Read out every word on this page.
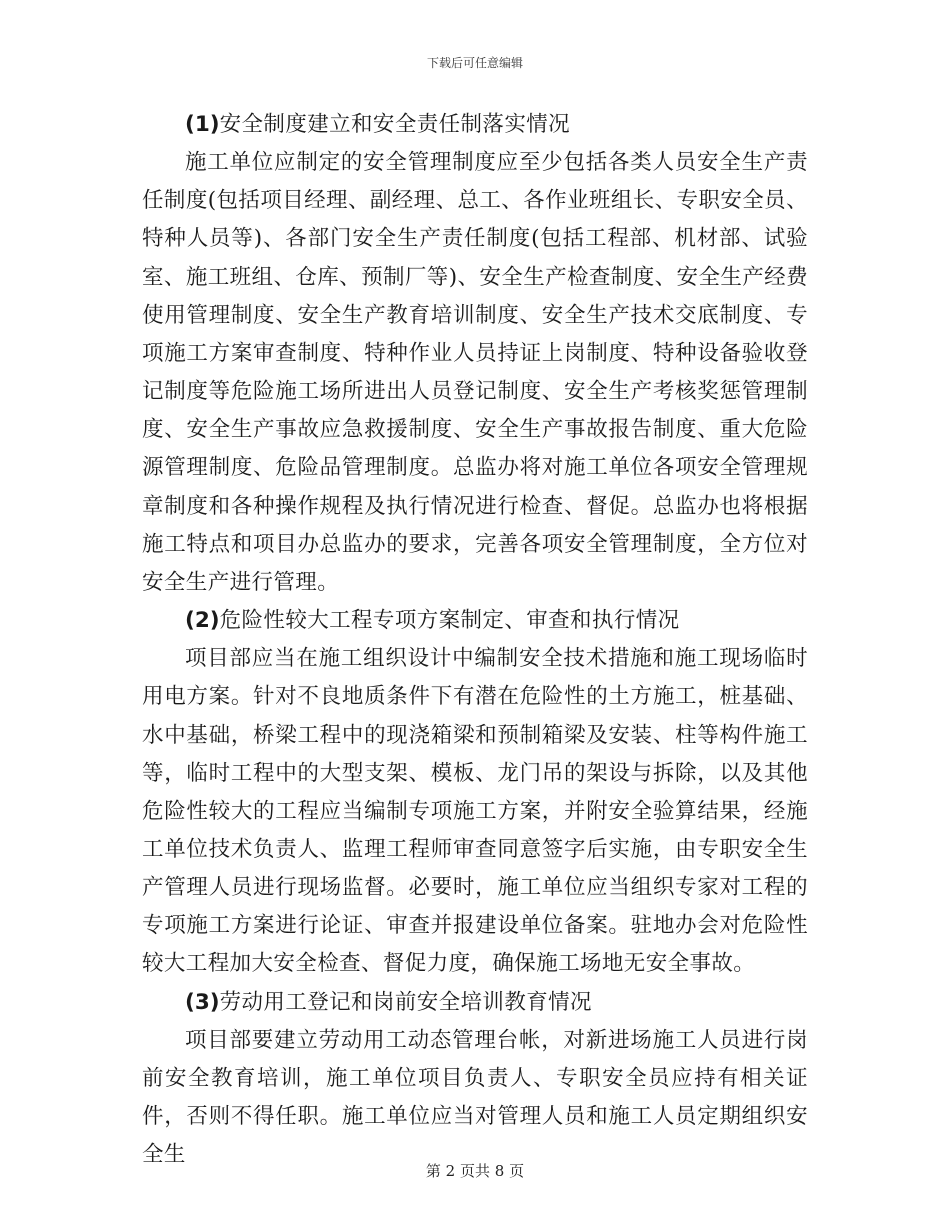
下载后可任意编辑

(1)安全制度建立和安全责任制落实情况

施工单位应制定的安全管理制度应至少包括各类人员安全生产责任制度(包括项目经理、副经理、总工、各作业班组长、专职安全员、特种人员等)、各部门安全生产责任制度(包括工程部、机材部、试验室、施工班组、仓库、预制厂等)、安全生产检查制度、安全生产经费使用管理制度、安全生产教育培训制度、安全生产技术交底制度、专项施工方案审查制度、特种作业人员持证上岗制度、特种设备验收登记制度等危险施工场所进出人员登记制度、安全生产考核奖惩管理制度、安全生产事故应急救援制度、安全生产事故报告制度、重大危险源管理制度、危险品管理制度。总监办将对施工单位各项安全管理规章制度和各种操作规程及执行情况进行检查、督促。总监办也将根据施工特点和项目办总监办的要求，完善各项安全管理制度，全方位对安全生产进行管理。

(2)危险性较大工程专项方案制定、审查和执行情况

项目部应当在施工组织设计中编制安全技术措施和施工现场临时用电方案。针对不良地质条件下有潜在危险性的土方施工，桩基础、水中基础，桥梁工程中的现浇箱梁和预制箱梁及安装、柱等构件施工等，临时工程中的大型支架、模板、龙门吊的架设与拆除，以及其他危险性较大的工程应当编制专项施工方案，并附安全验算结果，经施工单位技术负责人、监理工程师审查同意签字后实施，由专职安全生产管理人员进行现场监督。必要时，施工单位应当组织专家对工程的专项施工方案进行论证、审查并报建设单位备案。驻地办会对危险性较大工程加大安全检查、督促力度，确保施工场地无安全事故。

(3)劳动用工登记和岗前安全培训教育情况

项目部要建立劳动用工动态管理台帐，对新进场施工人员进行岗前安全教育培训，施工单位项目负责人、专职安全员应持有相关证件，否则不得任职。施工单位应当对管理人员和施工人员定期组织安全生

第 2 页共 8 页
